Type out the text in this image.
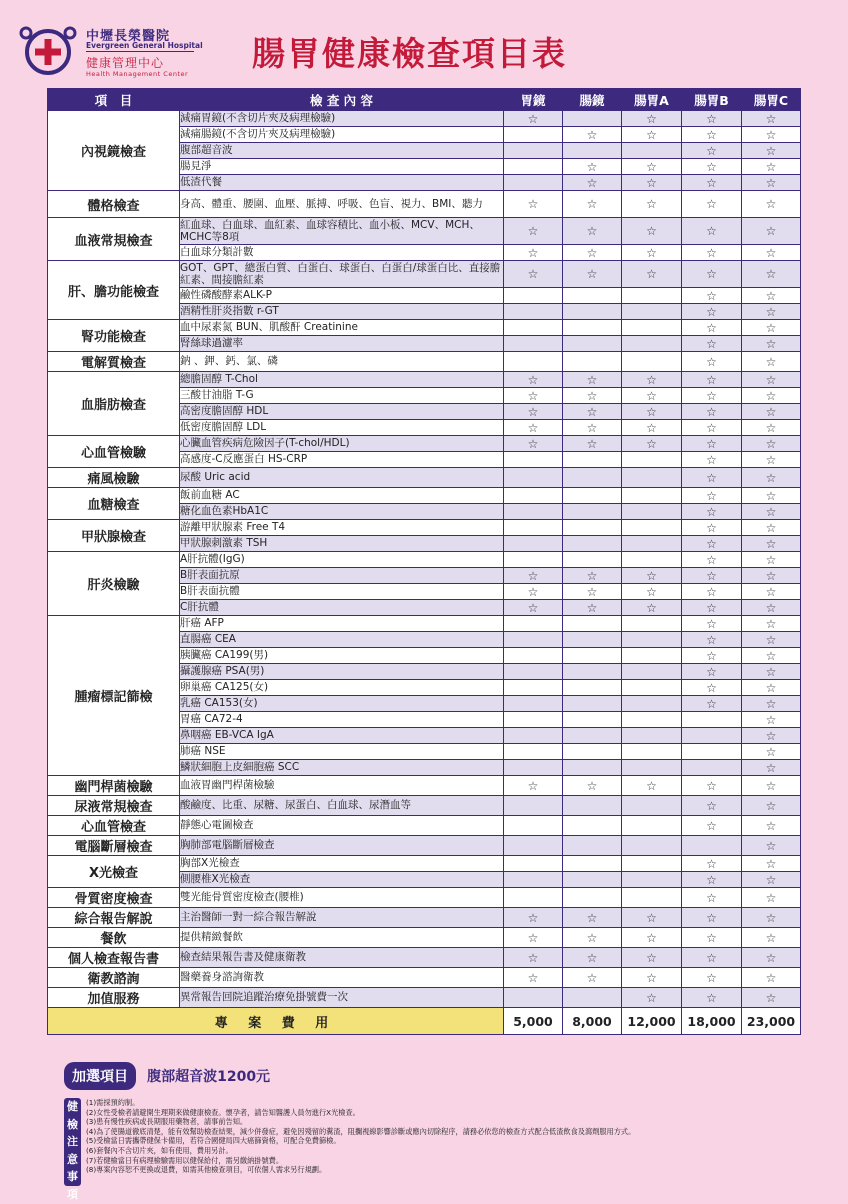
中壢長榮醫院
Evergreen General Hospital
健康管理中心
Health Management Center
腸胃健康檢查項目表
項　目	檢 查 內 容	胃鏡	腸鏡	腸胃A	腸胃B	腸胃C
內視鏡檢查	減痛胃鏡(不含切片夾及病理檢驗)	☆		☆	☆	☆
	減痛腸鏡(不含切片夾及病理檢驗)		☆	☆	☆	☆
	腹部超音波				☆	☆
	腸見淨		☆	☆	☆	☆
	低渣代餐		☆	☆	☆	☆
體格檢查	身高、體重、腰圍、血壓、脈搏、呼吸、色盲、視力、BMI、聽力	☆	☆	☆	☆	☆
血液常規檢查	紅血球、白血球、血紅素、血球容積比、血小板、MCV、MCH、MCHC等8項	☆	☆	☆	☆	☆
	白血球分類計數	☆	☆	☆	☆	☆
肝、膽功能檢查	GOT、GPT、總蛋白質、白蛋白、球蛋白、白蛋白/球蛋白比、直接膽紅素、間接膽紅素	☆	☆	☆	☆	☆
	鹼性磷酸酵素ALK-P				☆	☆
	酒精性肝炎指數 r-GT				☆	☆
腎功能檢查	血中尿素氮 BUN、肌酸酐 Creatinine				☆	☆
	腎絲球過濾率				☆	☆
電解質檢查	鈉 、鉀、鈣、氯、磷				☆	☆
血脂肪檢查	總膽固醇 T-Chol	☆	☆	☆	☆	☆
	三酸甘油脂 T-G	☆	☆	☆	☆	☆
	高密度膽固醇 HDL	☆	☆	☆	☆	☆
	低密度膽固醇 LDL	☆	☆	☆	☆	☆
心血管檢驗	心臟血管疾病危險因子(T-chol/HDL)	☆	☆	☆	☆	☆
	高感度-C反應蛋白 HS-CRP				☆	☆
痛風檢驗	尿酸 Uric acid				☆	☆
血糖檢查	飯前血糖 AC				☆	☆
	糖化血色素HbA1C				☆	☆
甲狀腺檢查	游離甲狀腺素 Free T4				☆	☆
	甲狀腺刺激素 TSH				☆	☆
肝炎檢驗	A肝抗體(IgG)				☆	☆
	B肝表面抗原	☆	☆	☆	☆	☆
	B肝表面抗體	☆	☆	☆	☆	☆
	C肝抗體	☆	☆	☆	☆	☆
腫瘤標記篩檢	肝癌 AFP				☆	☆
	直腸癌 CEA				☆	☆
	胰臟癌 CA199(男)				☆	☆
	攝護腺癌 PSA(男)				☆	☆
	卵巢癌 CA125(女)				☆	☆
	乳癌 CA153(女)				☆	☆
	胃癌 CA72-4					☆
	鼻咽癌 EB-VCA IgA					☆
	肺癌 NSE					☆
	鱗狀細胞上皮細胞癌 SCC					☆
幽門桿菌檢驗	血液胃幽門桿菌檢驗	☆	☆	☆	☆	☆
尿液常規檢查	酸鹼度、比重、尿糖、尿蛋白、白血球、尿潛血等				☆	☆
心血管檢查	靜態心電圖檢查				☆	☆
電腦斷層檢查	胸肺部電腦斷層檢查					☆
X光檢查	胸部X光檢查				☆	☆
	側腰椎X光檢查				☆	☆
骨質密度檢查	雙光能骨質密度檢查(腰椎)				☆	☆
綜合報告解說	主治醫師一對一綜合報告解說	☆	☆	☆	☆	☆
餐飲	提供精緻餐飲	☆	☆	☆	☆	☆
個人檢查報告書	檢查結果報告書及健康衛教	☆	☆	☆	☆	☆
衛教諮詢	醫藥養身諮詢衛教	☆	☆	☆	☆	☆
加值服務	異常報告回院追蹤治療免掛號費一次			☆	☆	☆
專 案 費 用		5,000	8,000	12,000	18,000	23,000
加選項目 腹部超音波1200元
健檢注意事項
(1)需採預約制。
(2)女性受檢者請避開生理期來做健康檢查。懷孕者，請告知醫護人員勿進行X光檢查。
(3)患有慢性疾病或長期服用藥物者，請事前告知。
(4)為了使腸道徹底清楚，能有效幫助檢查結果，減少併發症，避免因殘留的糞渣，阻攔視線影響診斷或應內切除程序，請務必依您的檢查方式配合低渣飲食及瀉劑服用方式。
(5)受檢當日需攜帶健保卡備用，若符合國健局四大癌篩資格，可配合免費篩檢。
(6)套餐內不含切片夾，如有使用，費用另計。
(7)若健檢當日有病理檢驗需用以健保給付，需另繳納掛號費。
(8)專案內容恕不更換或退費，如需其他檢查項目，可依個人需求另行規劃。
